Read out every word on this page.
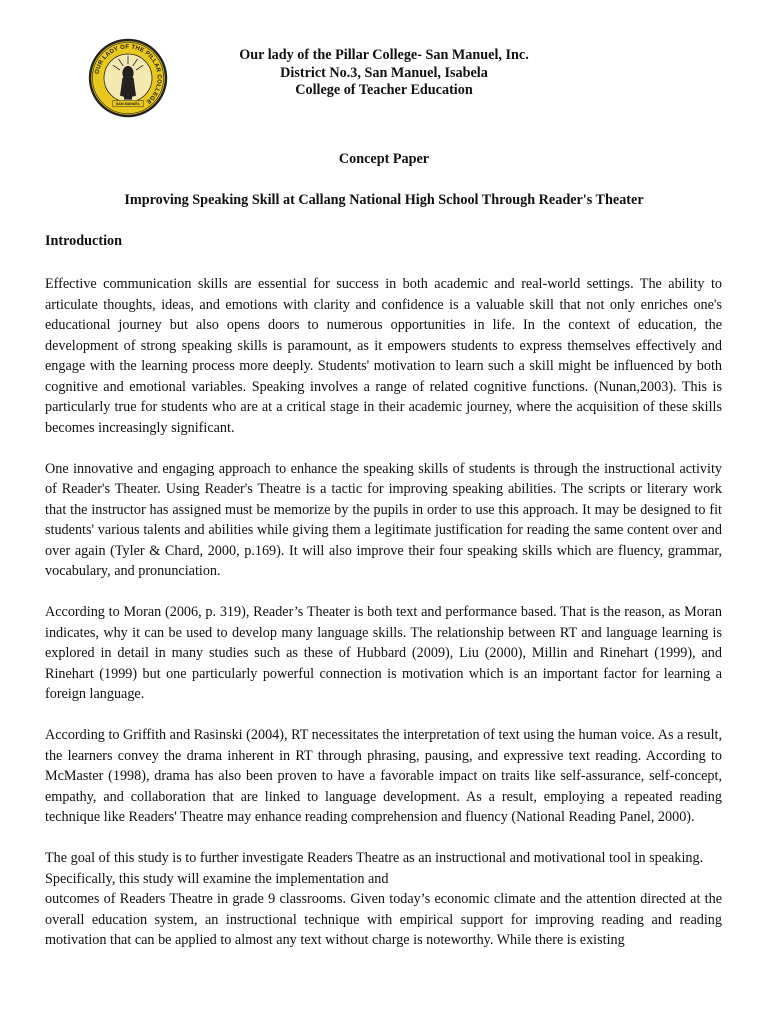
OUR LADY OF THE PILLAR COLLEGE
SAN MANUEL
Our lady of the Pillar College- San Manuel, Inc.
District No.3, San Manuel, Isabela
College of Teacher Education
Concept Paper
Improving Speaking Skill at Callang National High School Through Reader's Theater
Introduction

Effective communication skills are essential for success in both academic and real-world settings. The ability to articulate thoughts, ideas, and emotions with clarity and confidence is a valuable skill that not only enriches one's educational journey but also opens doors to numerous opportunities in life. In the context of education, the development of strong speaking skills is paramount, as it empowers students to express themselves effectively and engage with the learning process more deeply. Students' motivation to learn such a skill might be influenced by both cognitive and emotional variables. Speaking involves a range of related cognitive functions. (Nunan,2003). This is particularly true for students who are at a critical stage in their academic journey, where the acquisition of these skills becomes increasingly significant.

One innovative and engaging approach to enhance the speaking skills of students is through the instructional activity of Reader's Theater. Using Reader's Theatre is a tactic for improving speaking abilities. The scripts or literary work that the instructor has assigned must be memorize by the pupils in order to use this approach. It may be designed to fit students' various talents and abilities while giving them a legitimate justification for reading the same content over and over again (Tyler & Chard, 2000, p.169). It will also improve their four speaking skills which are fluency, grammar, vocabulary, and pronunciation.

According to Moran (2006, p. 319), Reader’s Theater is both text and performance based. That is the reason, as Moran indicates, why it can be used to develop many language skills. The relationship between RT and language learning is explored in detail in many studies such as these of Hubbard (2009), Liu (2000), Millin and Rinehart (1999), and Rinehart (1999) but one particularly powerful connection is motivation which is an important factor for learning a foreign language.

According to Griffith and Rasinski (2004), RT necessitates the interpretation of text using the human voice. As a result, the learners convey the drama inherent in RT through phrasing, pausing, and expressive text reading. According to McMaster (1998), drama has also been proven to have a favorable impact on traits like self-assurance, self-concept, empathy, and collaboration that are linked to language development. As a result, employing a repeated reading technique like Readers' Theatre may enhance reading comprehension and fluency (National Reading Panel, 2000).

The goal of this study is to further investigate Readers Theatre as an instructional and motivational tool in speaking. Specifically, this study will examine the implementation and

outcomes of Readers Theatre in grade 9 classrooms. Given today’s economic climate and the attention directed at the overall education system, an instructional technique with empirical support for improving reading and reading motivation that can be applied to almost any text without charge is noteworthy. While there is existing
